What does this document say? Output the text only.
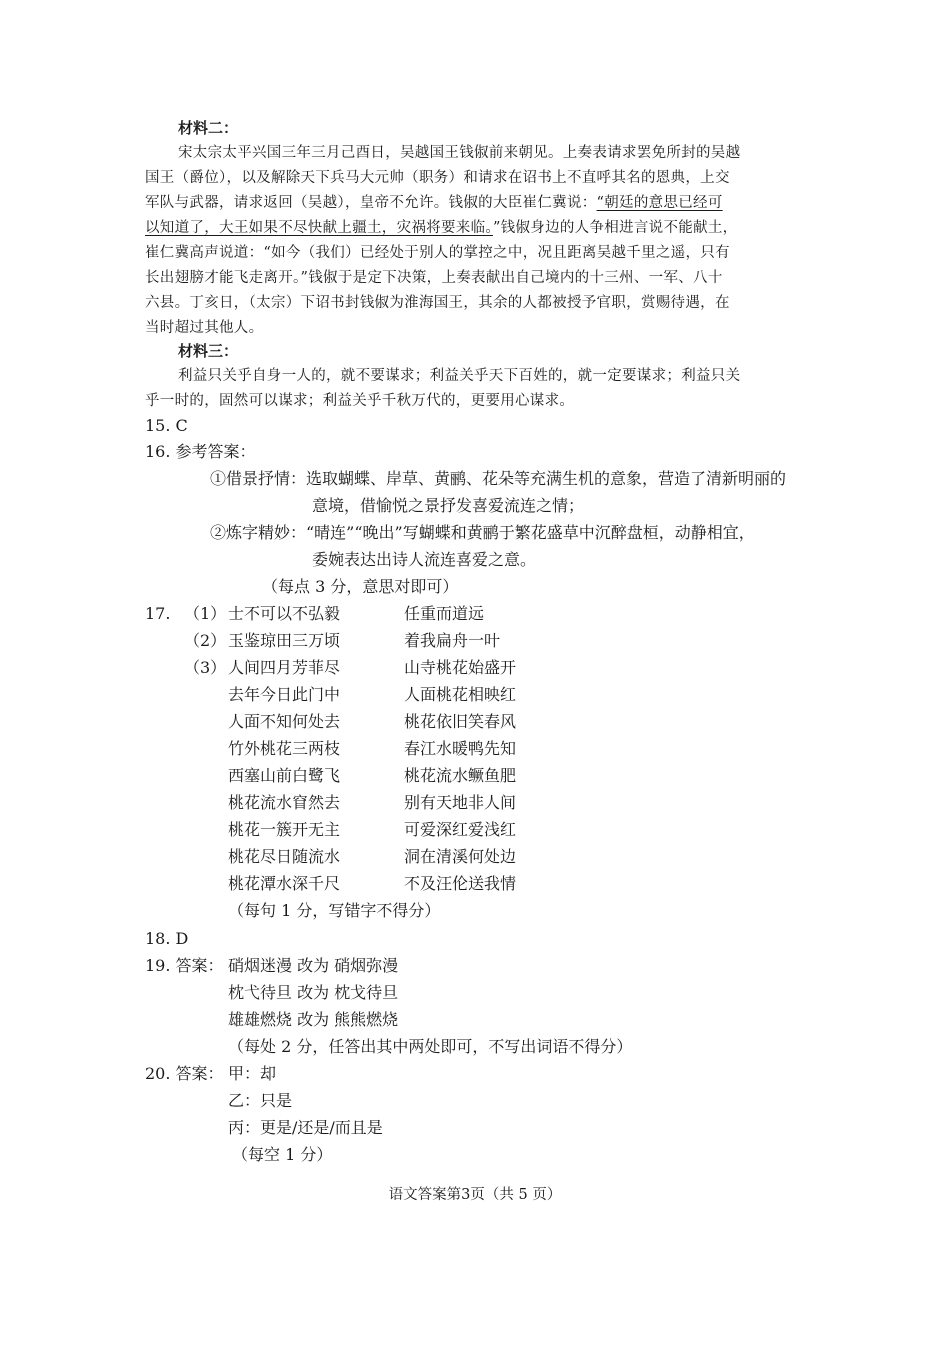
材料二：
宋太宗太平兴国三年三月己酉日，吴越国王钱俶前来朝见。上奏表请求罢免所封的吴越
国王（爵位），以及解除天下兵马大元帅（职务）和请求在诏书上不直呼其名的恩典，上交
军队与武器，请求返回（吴越），皇帝不允许。钱俶的大臣崔仁冀说：“朝廷的意思已经可
以知道了，大王如果不尽快献上疆土，灾祸将要来临。”钱俶身边的人争相进言说不能献土，
崔仁冀高声说道：“如今（我们）已经处于别人的掌控之中，况且距离吴越千里之遥，只有
长出翅膀才能飞走离开。”钱俶于是定下决策，上奏表献出自己境内的十三州、一军、八十
六县。丁亥日，（太宗）下诏书封钱俶为淮海国王，其余的人都被授予官职，赏赐待遇，在
当时超过其他人。
材料三：
利益只关乎自身一人的，就不要谋求；利益关乎天下百姓的，就一定要谋求；利益只关
乎一时的，固然可以谋求；利益关乎千秋万代的，更要用心谋求。
15. C
16. 参考答案：
①借景抒情：选取蝴蝶、岸草、黄鹂、花朵等充满生机的意象，营造了清新明丽的
意境，借愉悦之景抒发喜爱流连之情；
②炼字精妙：“晴连”“晚出”写蝴蝶和黄鹂于繁花盛草中沉醉盘桓，动静相宜，
委婉表达出诗人流连喜爱之意。
（每点 3 分，意思对即可）
17. （1） 士不可以不弘毅	任重而道远
（2） 玉鉴琼田三万顷	着我扁舟一叶
（3） 人间四月芳菲尽	山寺桃花始盛开
去年今日此门中	人面桃花相映红
人面不知何处去	桃花依旧笑春风
竹外桃花三两枝	春江水暖鸭先知
西塞山前白鹭飞	桃花流水鳜鱼肥
桃花流水窅然去	别有天地非人间
桃花一簇开无主	可爱深红爱浅红
桃花尽日随流水	洞在清溪何处边
桃花潭水深千尺	不及汪伦送我情
（每句 1 分，写错字不得分）
18. D
19. 答案： 硝烟迷漫 改为 硝烟弥漫
枕弋待旦 改为 枕戈待旦
雄雄燃烧 改为 熊熊燃烧
（每处 2 分，任答出其中两处即可，不写出词语不得分）
20. 答案： 甲：却
乙：只是
丙：更是/还是/而且是
（每空 1 分）
语文答案第3页（共 5 页）
